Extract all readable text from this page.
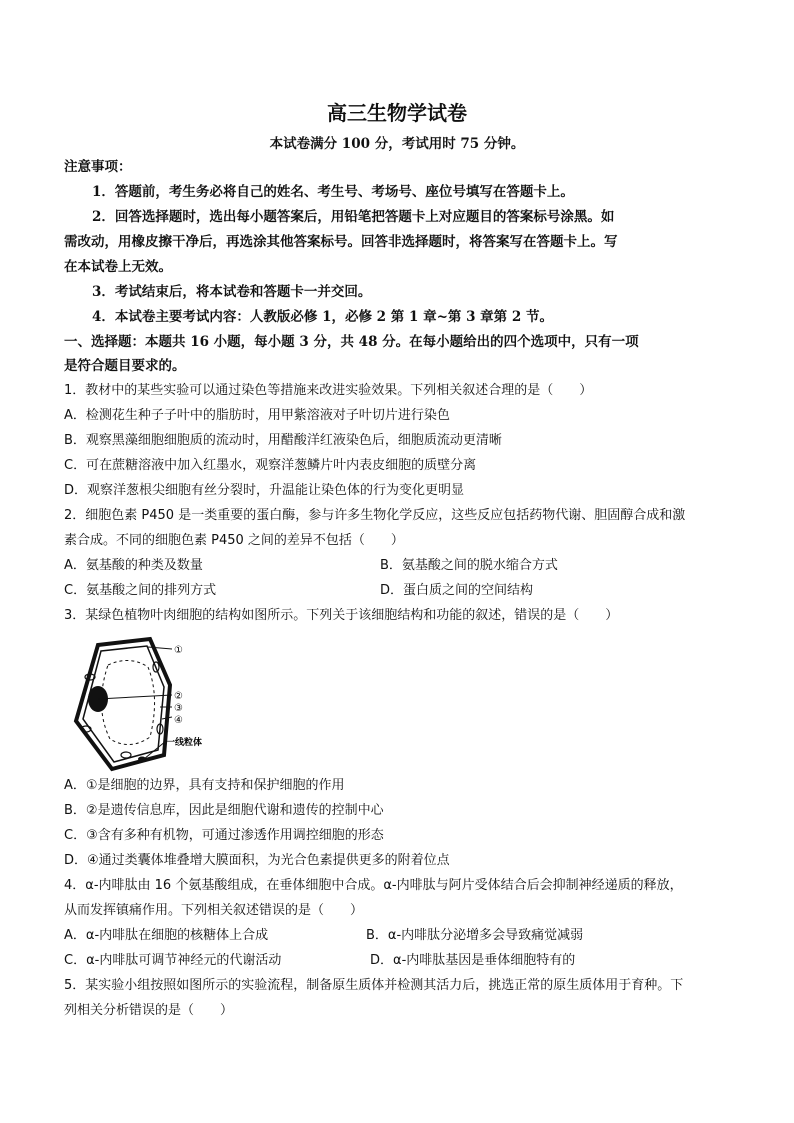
高三生物学试卷
本试卷满分 100 分，考试用时 75 分钟。
注意事项：
1．答题前，考生务必将自己的姓名、考生号、考场号、座位号填写在答题卡上。
2．回答选择题时，选出每小题答案后，用铅笔把答题卡上对应题目的答案标号涂黑。如
需改动，用橡皮擦干净后，再选涂其他答案标号。回答非选择题时，将答案写在答题卡上。写
在本试卷上无效。
3．考试结束后，将本试卷和答题卡一并交回。
4．本试卷主要考试内容：人教版必修 1，必修 2 第 1 章~第 3 章第 2 节。
一、选择题：本题共 16 小题，每小题 3 分，共 48 分。在每小题给出的四个选项中，只有一项
是符合题目要求的。
1．教材中的某些实验可以通过染色等措施来改进实验效果。下列相关叙述合理的是（　　）
A．检测花生种子子叶中的脂肪时，用甲紫溶液对子叶切片进行染色
B．观察黑藻细胞细胞质的流动时，用醋酸洋红液染色后，细胞质流动更清晰
C．可在蔗糖溶液中加入红墨水，观察洋葱鳞片叶内表皮细胞的质壁分离
D．观察洋葱根尖细胞有丝分裂时，升温能让染色体的行为变化更明显
2．细胞色素 P450 是一类重要的蛋白酶，参与许多生物化学反应，这些反应包括药物代谢、胆固醇合成和激
素合成。不同的细胞色素 P450 之间的差异不包括（　　）
A．氨基酸的种类及数量	B．氨基酸之间的脱水缩合方式
C．氨基酸之间的排列方式	D．蛋白质之间的空间结构
3．某绿色植物叶肉细胞的结构如图所示。下列关于该细胞结构和功能的叙述，错误的是（　　）
①
②
③
④
一线粒体
A．①是细胞的边界，具有支持和保护细胞的作用
B．②是遗传信息库，因此是细胞代谢和遗传的控制中心
C．③含有多种有机物，可通过渗透作用调控细胞的形态
D．④通过类囊体堆叠增大膜面积，为光合色素提供更多的附着位点
4．α-内啡肽由 16 个氨基酸组成，在垂体细胞中合成。α-内啡肽与阿片受体结合后会抑制神经递质的释放，
从而发挥镇痛作用。下列相关叙述错误的是（　　）
A．α-内啡肽在细胞的核糖体上合成	B．α-内啡肽分泌增多会导致痛觉减弱
C．α-内啡肽可调节神经元的代谢活动	D．α-内啡肽基因是垂体细胞特有的
5．某实验小组按照如图所示的实验流程，制备原生质体并检测其活力后，挑选正常的原生质体用于育种。下
列相关分析错误的是（　　）
